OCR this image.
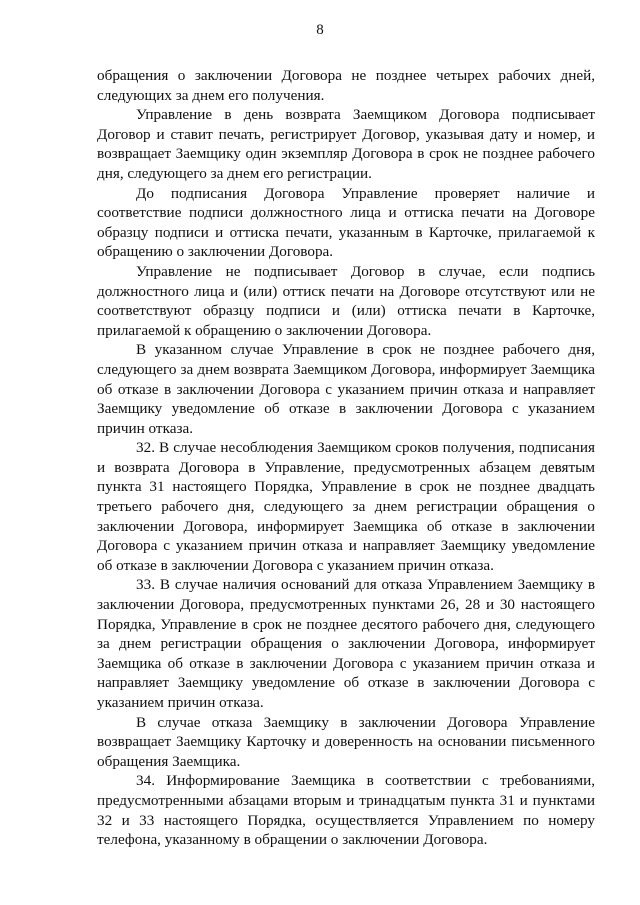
8

обращения о заключении Договора не позднее четырех рабочих дней, следующих за днем его получения.

Управление в день возврата Заемщиком Договора подписывает Договор и ставит печать, регистрирует Договор, указывая дату и номер, и возвращает Заемщику один экземпляр Договора в срок не позднее рабочего дня, следующего за днем его регистрации.

До подписания Договора Управление проверяет наличие и соответствие подписи должностного лица и оттиска печати на Договоре образцу подписи и оттиска печати, указанным в Карточке, прилагаемой к обращению о заключении Договора.

Управление не подписывает Договор в случае, если подпись должностного лица и (или) оттиск печати на Договоре отсутствуют или не соответствуют образцу подписи и (или) оттиска печати в Карточке, прилагаемой к обращению о заключении Договора.

В указанном случае Управление в срок не позднее рабочего дня, следующего за днем возврата Заемщиком Договора, информирует Заемщика об отказе в заключении Договора с указанием причин отказа и направляет Заемщику уведомление об отказе в заключении Договора с указанием причин отказа.

32. В случае несоблюдения Заемщиком сроков получения, подписания и возврата Договора в Управление, предусмотренных абзацем девятым пункта 31 настоящего Порядка, Управление в срок не позднее двадцать третьего рабочего дня, следующего за днем регистрации обращения о заключении Договора, информирует Заемщика об отказе в заключении Договора с указанием причин отказа и направляет Заемщику уведомление об отказе в заключении Договора с указанием причин отказа.

33. В случае наличия оснований для отказа Управлением Заемщику в заключении Договора, предусмотренных пунктами 26, 28 и 30 настоящего Порядка, Управление в срок не позднее десятого рабочего дня, следующего за днем регистрации обращения о заключении Договора, информирует Заемщика об отказе в заключении Договора с указанием причин отказа и направляет Заемщику уведомление об отказе в заключении Договора с указанием причин отказа.

В случае отказа Заемщику в заключении Договора Управление возвращает Заемщику Карточку и доверенность на основании письменного обращения Заемщика.

34. Информирование Заемщика в соответствии с требованиями, предусмотренными абзацами вторым и тринадцатым пункта 31 и пунктами 32 и 33 настоящего Порядка, осуществляется Управлением по номеру телефона, указанному в обращении о заключении Договора.
